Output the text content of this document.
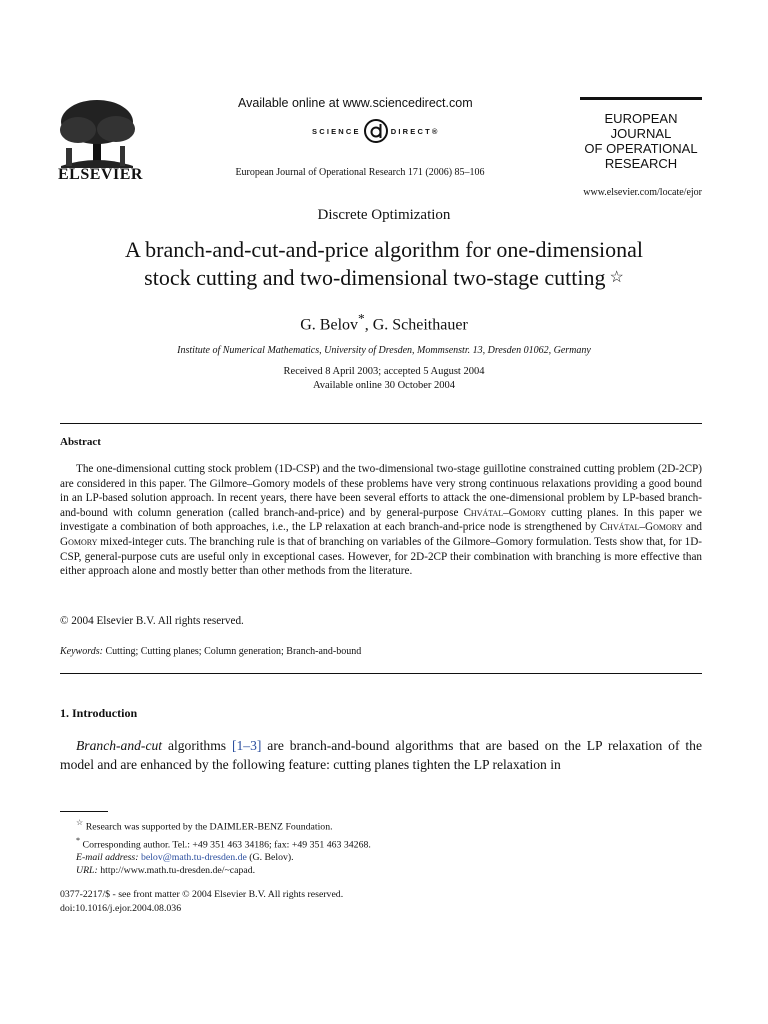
ELSEVIER
Available online at www.sciencedirect.com
SCIENCE	DIRECT ®
European Journal of Operational Research 171 (2006) 85–106
EUROPEAN
JOURNAL
OF OPERATIONAL
RESEARCH
www.elsevier.com/locate/ejor
Discrete Optimization
A branch-and-cut-and-price algorithm for one-dimensional
stock cutting and two-dimensional two-stage cutting ☆
G. Belov*, G. Scheithauer
Institute of Numerical Mathematics, University of Dresden, Mommsenstr. 13, Dresden 01062, Germany
Received 8 April 2003; accepted 5 August 2004
Available online 30 October 2004
Abstract

The one-dimensional cutting stock problem (1D-CSP) and the two-dimensional two-stage guillotine constrained cutting problem (2D-2CP) are considered in this paper. The Gilmore–Gomory models of these problems have very strong continuous relaxations providing a good bound in an LP-based solution approach. In recent years, there have been several efforts to attack the one-dimensional problem by LP-based branch-and-bound with column generation (called branch-and-price) and by general-purpose Chvátal–Gomory cutting planes. In this paper we investigate a combination of both approaches, i.e., the LP relaxation at each branch-and-price node is strengthened by Chvátal–Gomory and Gomory mixed-integer cuts. The branching rule is that of branching on variables of the Gilmore–Gomory formulation. Tests show that, for 1D-CSP, general-purpose cuts are useful only in exceptional cases. However, for 2D-2CP their combination with branching is more effective than either approach alone and mostly better than other methods from the literature.

© 2004 Elsevier B.V. All rights reserved.
Keywords: Cutting; Cutting planes; Column generation; Branch-and-bound
1. Introduction

Branch-and-cut algorithms [1–3] are branch-and-bound algorithms that are based on the LP relaxation of the model and are enhanced by the following feature: cutting planes tighten the LP relaxation in

☆ Research was supported by the DAIMLER-BENZ Foundation.
* Corresponding author. Tel.: +49 351 463 34186; fax: +49 351 463 34268.
E-mail address: belov@math.tu-dresden.de (G. Belov).
URL: http://www.math.tu-dresden.de/~capad.
0377-2217/$ - see front matter © 2004 Elsevier B.V. All rights reserved.
doi:10.1016/j.ejor.2004.08.036
